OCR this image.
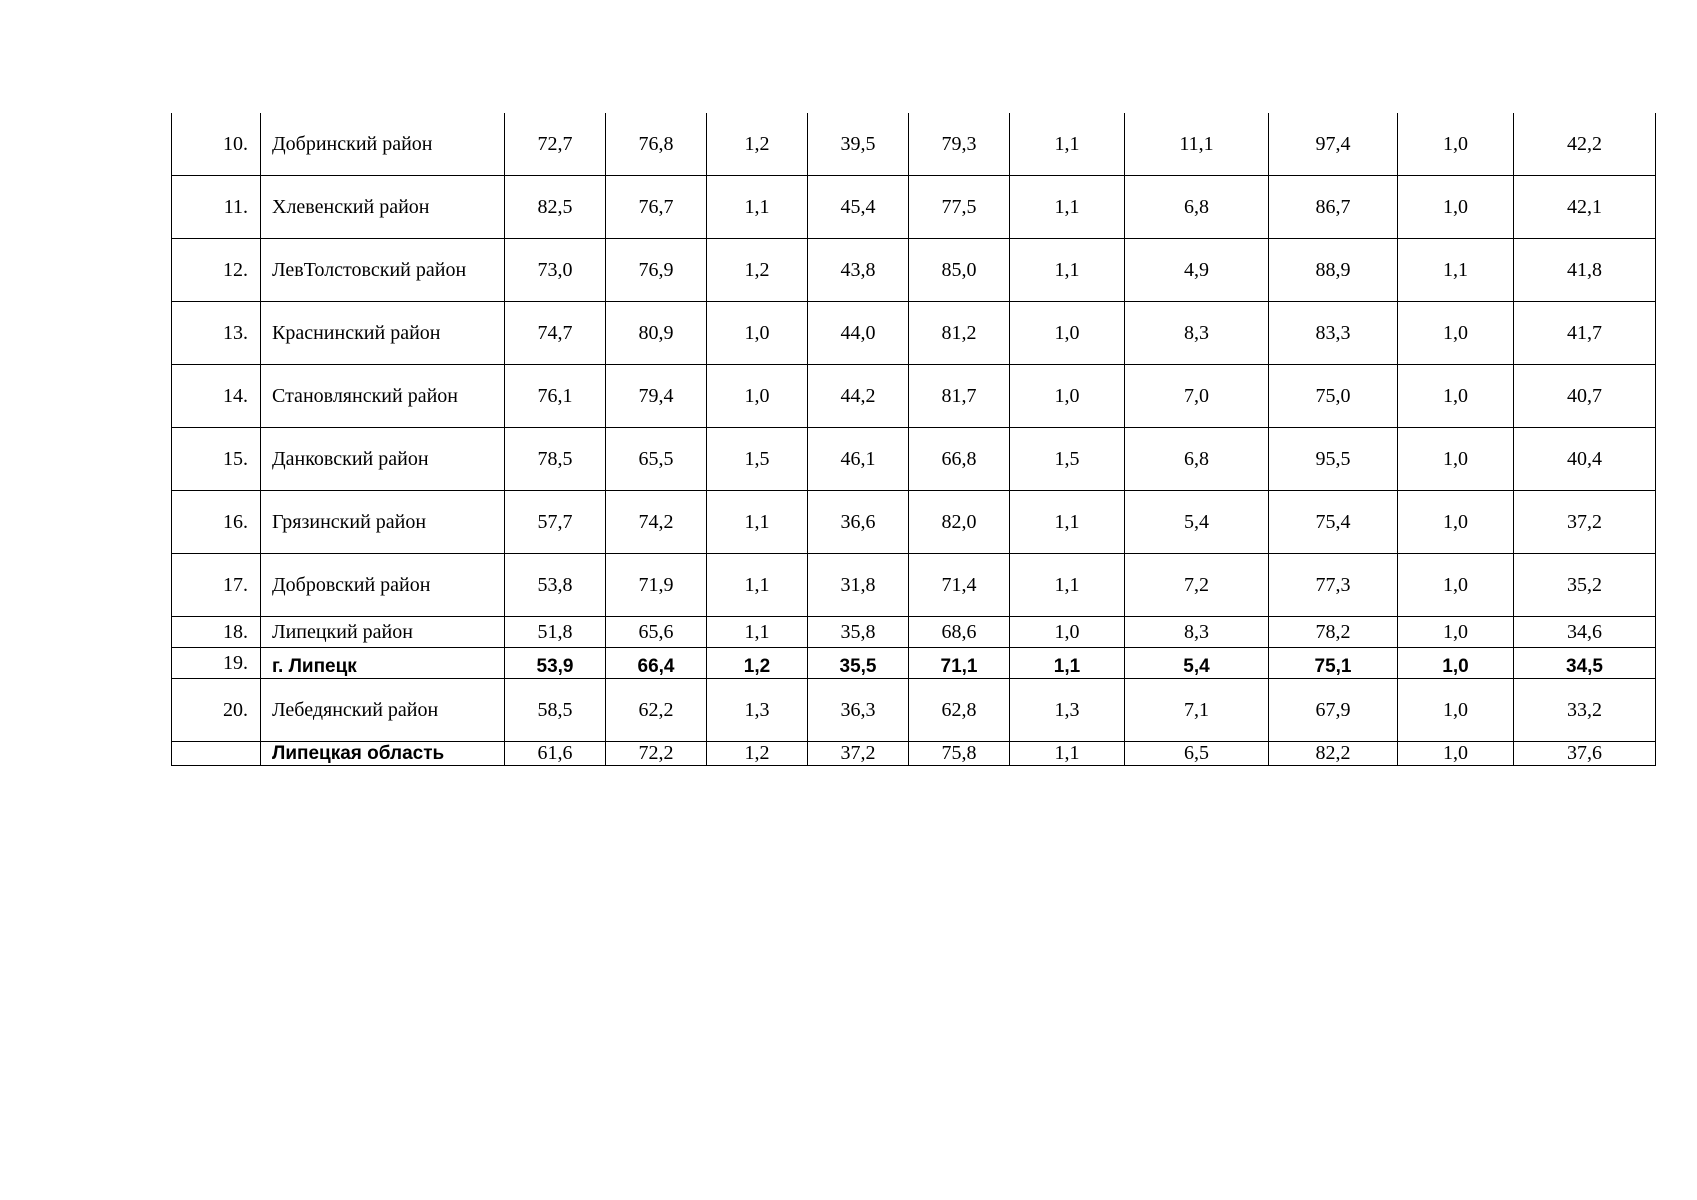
10.	Добринский район	72,7	76,8	1,2	39,5	79,3	1,1	11,1	97,4	1,0	42,2
11.	Хлевенский район	82,5	76,7	1,1	45,4	77,5	1,1	6,8	86,7	1,0	42,1
12.	ЛевТолстовский район	73,0	76,9	1,2	43,8	85,0	1,1	4,9	88,9	1,1	41,8
13.	Краснинский район	74,7	80,9	1,0	44,0	81,2	1,0	8,3	83,3	1,0	41,7
14.	Становлянский район	76,1	79,4	1,0	44,2	81,7	1,0	7,0	75,0	1,0	40,7
15.	Данковский район	78,5	65,5	1,5	46,1	66,8	1,5	6,8	95,5	1,0	40,4
16.	Грязинский район	57,7	74,2	1,1	36,6	82,0	1,1	5,4	75,4	1,0	37,2
17.	Добровский район	53,8	71,9	1,1	31,8	71,4	1,1	7,2	77,3	1,0	35,2
18.	Липецкий район	51,8	65,6	1,1	35,8	68,6	1,0	8,3	78,2	1,0	34,6
19.	г. Липецк	53,9	66,4	1,2	35,5	71,1	1,1	5,4	75,1	1,0	34,5
20.	Лебедянский район	58,5	62,2	1,3	36,3	62,8	1,3	7,1	67,9	1,0	33,2
	Липецкая область	61,6	72,2	1,2	37,2	75,8	1,1	6,5	82,2	1,0	37,6
